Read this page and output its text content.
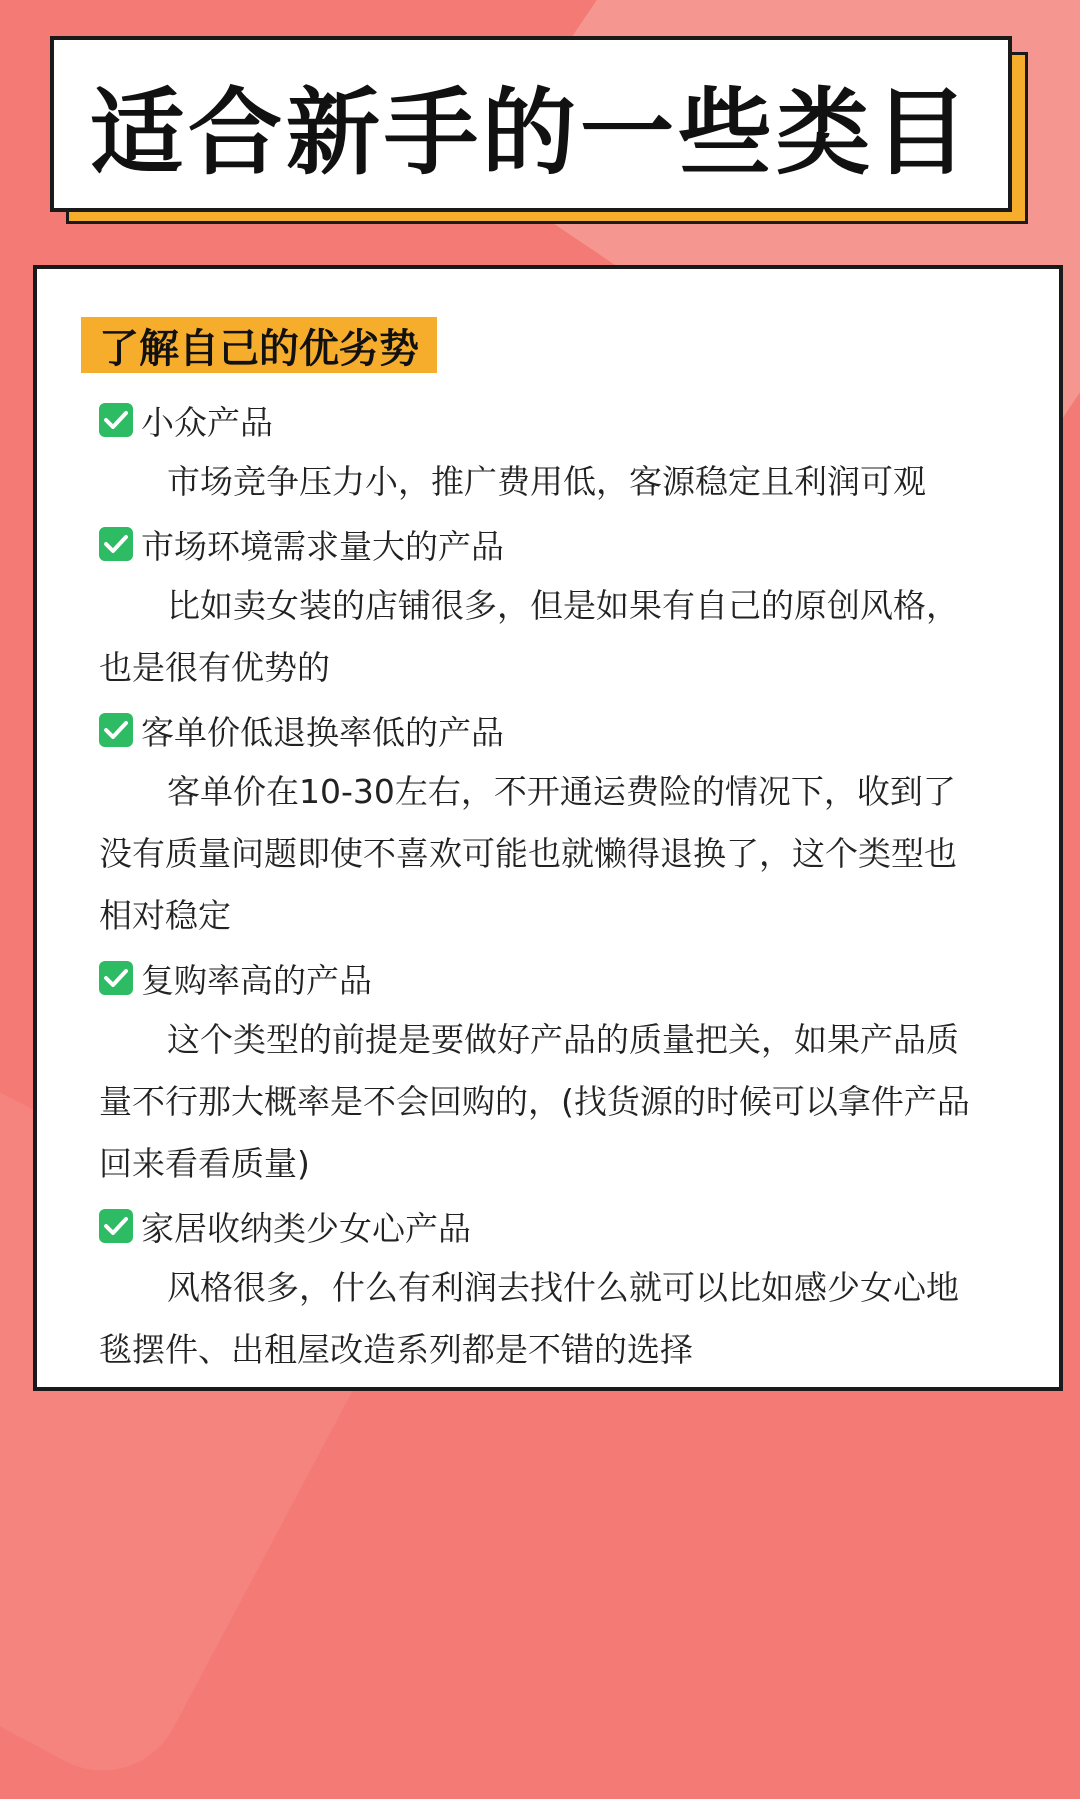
适合新手的一些类目
了解自己的优劣势
小众产品

市场竞争压力小，推广费用低，客源稳定且利润可观

市场环境需求量大的产品

比如卖女装的店铺很多，但是如果有自己的原创风格，也是很有优势的

客单价低退换率低的产品

客单价在10-30左右，不开通运费险的情况下，收到了没有质量问题即使不喜欢可能也就懒得退换了，这个类型也相对稳定

复购率高的产品

这个类型的前提是要做好产品的质量把关，如果产品质量不行那大概率是不会回购的，(找货源的时候可以拿件产品回来看看质量)

家居收纳类少女心产品

风格很多，什么有利润去找什么就可以比如感少女心地毯摆件、出租屋改造系列都是不错的选择
